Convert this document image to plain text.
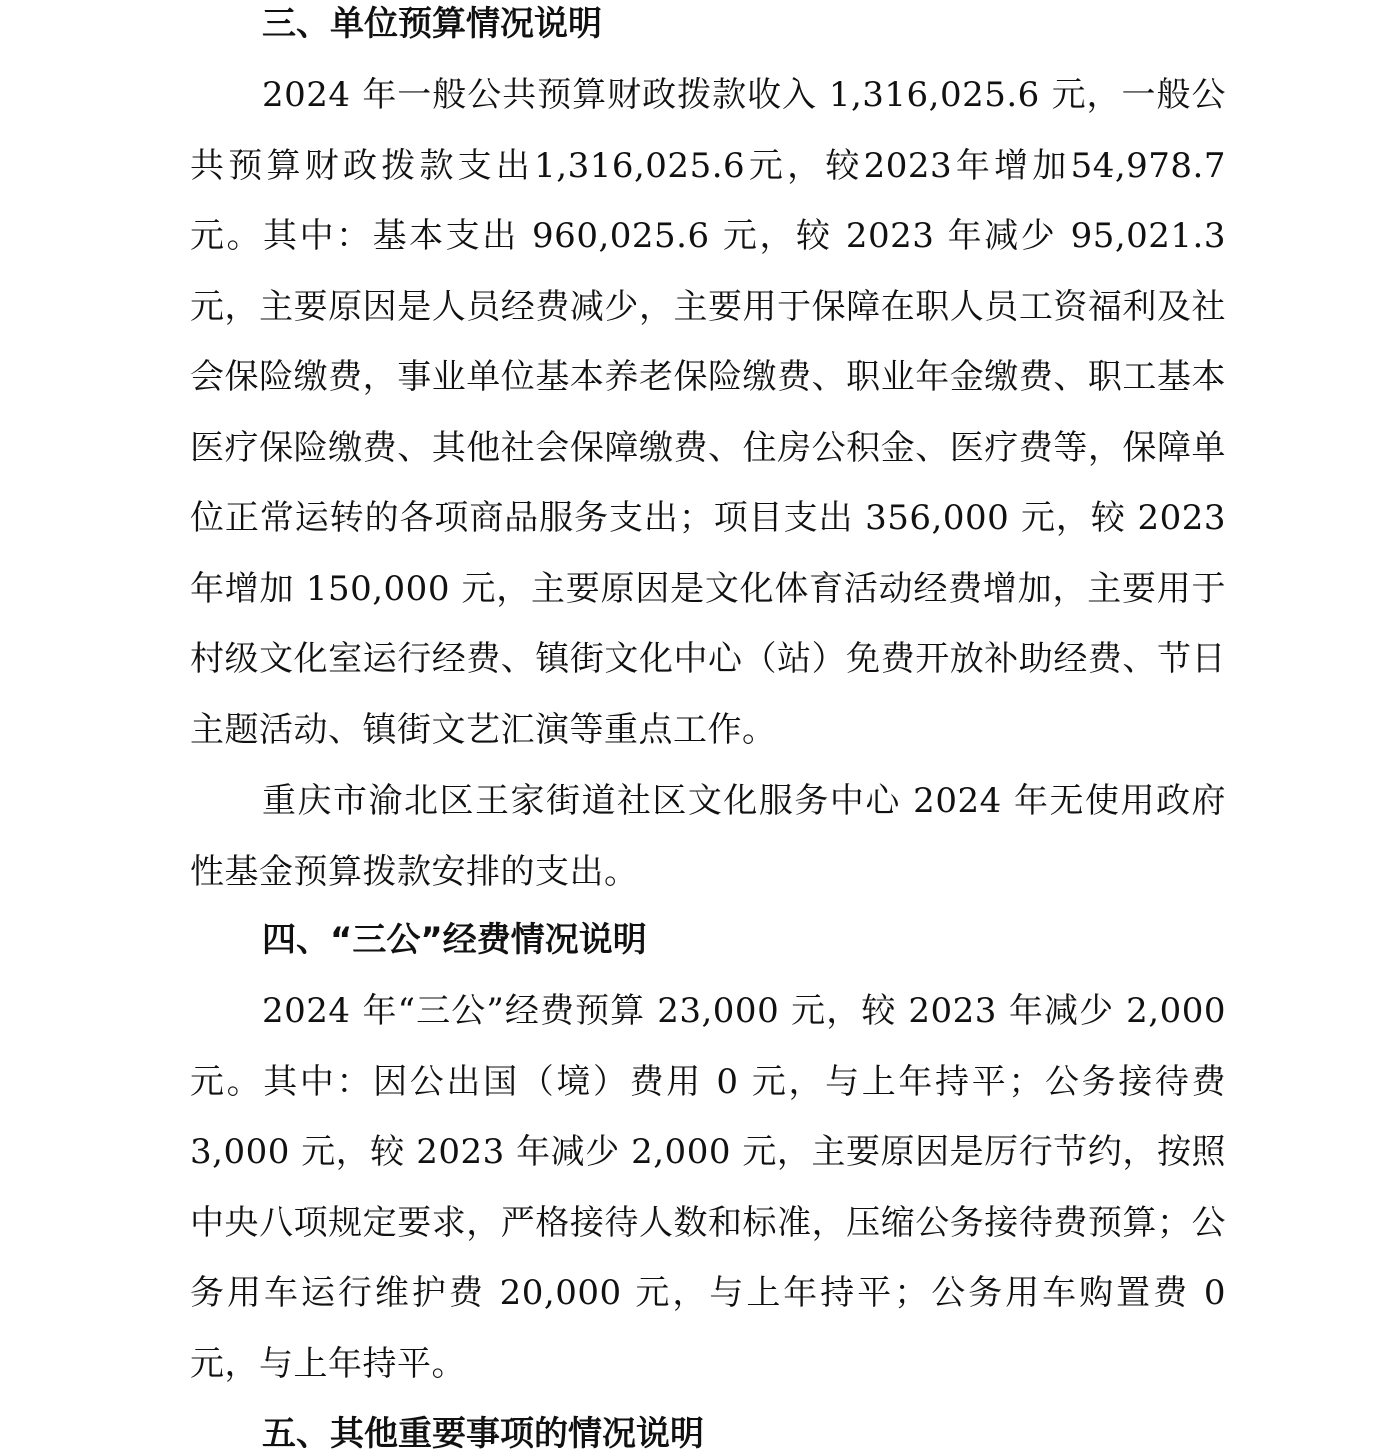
三、单位预算情况说明

2024 年一般公共预算财政拨款收入 1,316,025.6 元，一般公共预算财政拨款支出1,316,025.6元，较2023年增加54,978.7元。其中：基本支出 960,025.6 元，较 2023 年减少 95,021.3 元，主要原因是人员经费减少，主要用于保障在职人员工资福利及社会保险缴费，事业单位基本养老保险缴费、职业年金缴费、职工基本医疗保险缴费、其他社会保障缴费、住房公积金、医疗费等，保障单位正常运转的各项商品服务支出；项目支出 356,000 元，较 2023 年增加 150,000 元，主要原因是文化体育活动经费增加，主要用于村级文化室运行经费、镇街文化中心（站）免费开放补助经费、节日主题活动、镇街文艺汇演等重点工作。

重庆市渝北区王家街道社区文化服务中心 2024 年无使用政府性基金预算拨款安排的支出。

四、“三公”经费情况说明

2024 年“三公”经费预算 23,000 元，较 2023 年减少 2,000 元。其中：因公出国（境）费用 0 元，与上年持平；公务接待费 3,000 元，较 2023 年减少 2,000 元，主要原因是厉行节约，按照中央八项规定要求，严格接待人数和标准，压缩公务接待费预算；公务用车运行维护费 20,000 元，与上年持平；公务用车购置费 0 元，与上年持平。

五、其他重要事项的情况说明
